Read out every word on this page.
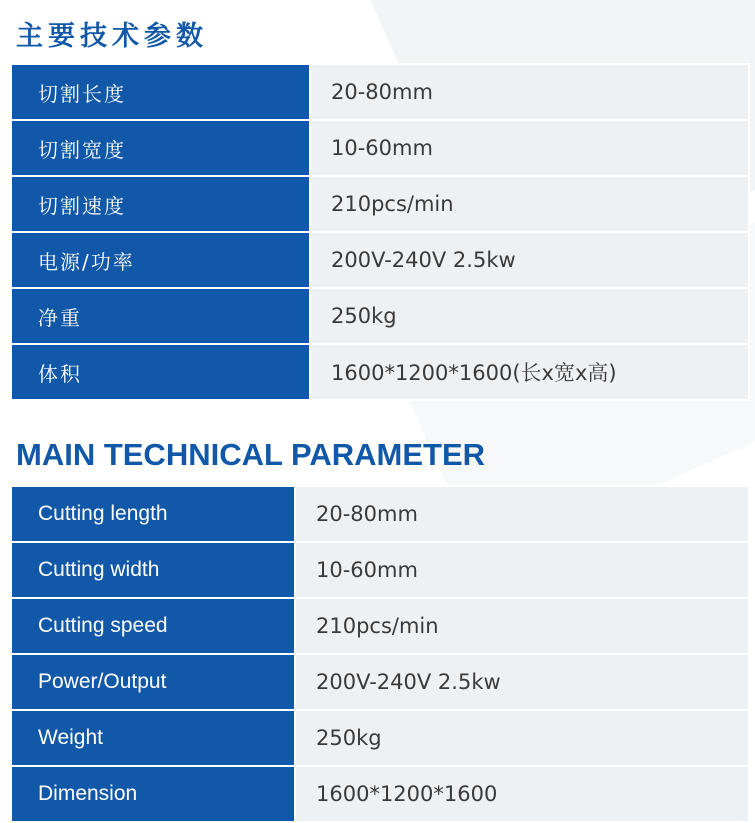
主要技术参数
切割长度	20-80mm
切割宽度	10-60mm
切割速度	210pcs/min
电源/功率	200V-240V 2.5kw
净重	250kg
体积	1600*1200*1600(长x宽x高)
MAIN TECHNICAL PARAMETER
Cutting length	20-80mm
Cutting width	10-60mm
Cutting speed	210pcs/min
Power/Output	200V-240V 2.5kw
Weight	250kg
Dimension	1600*1200*1600
